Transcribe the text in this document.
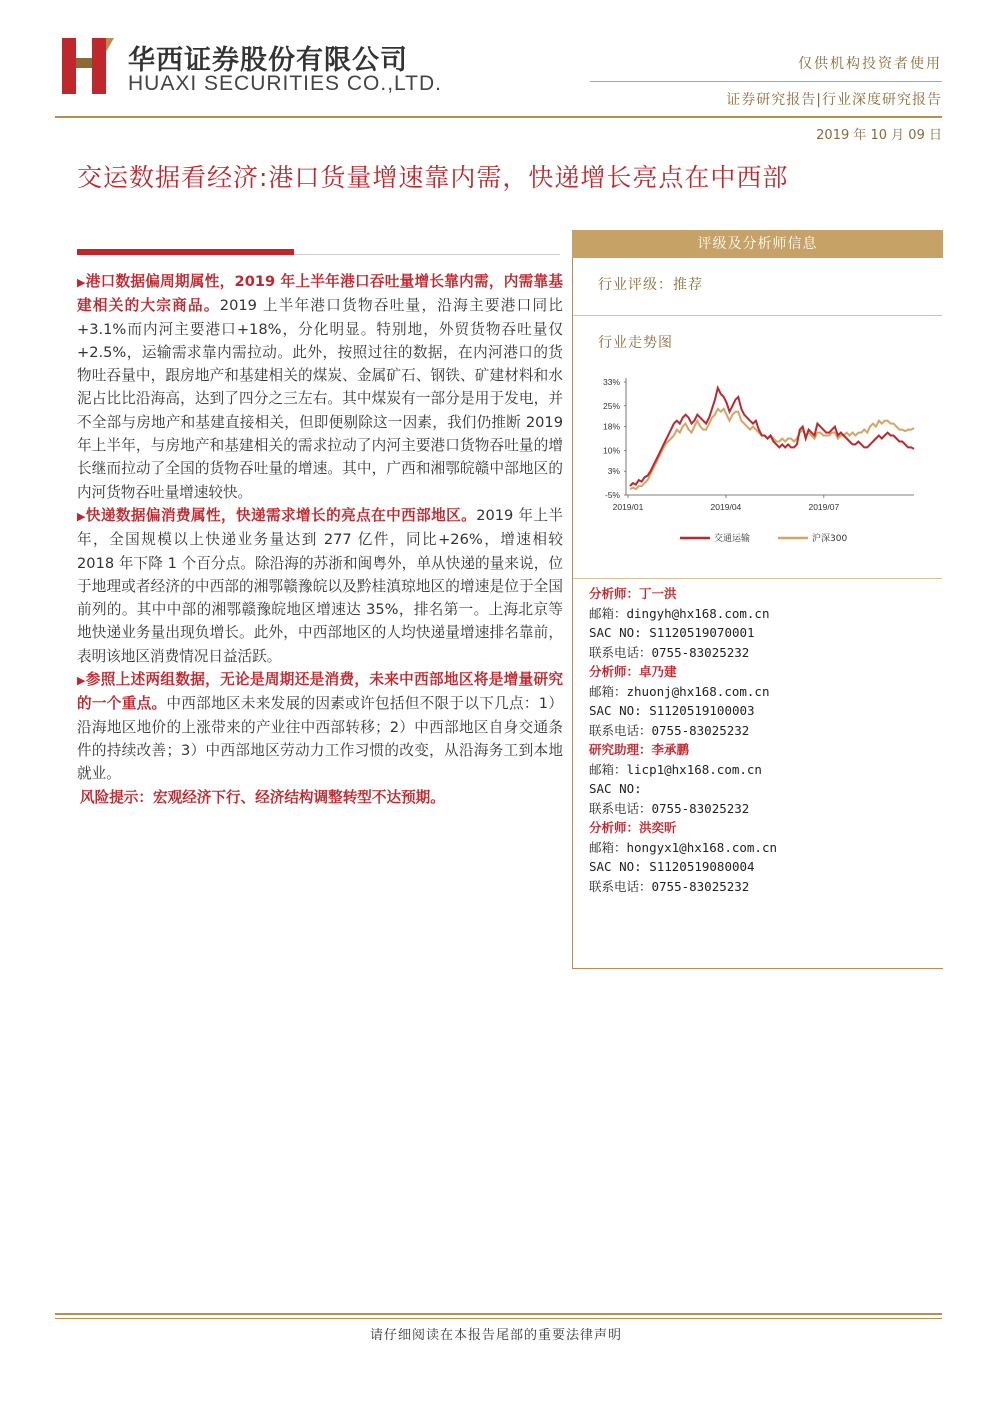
华西证券股份有限公司
HUAXI SECURITIES CO.,LTD.
仅供机构投资者使用
证券研究报告|行业深度研究报告
2019 年 10 月 09 日
交运数据看经济:港口货量增速靠内需，快递增长亮点在中西部

▶港口数据偏周期属性，2019 年上半年港口吞吐量增长靠内需，内需靠基建相关的大宗商品。2019 上半年港口货物吞吐量，沿海主要港口同比+3.1%而内河主要港口+18%，分化明显。特别地，外贸货物吞吐量仅+2.5%，运输需求靠内需拉动。此外，按照过往的数据，在内河港口的货物吐吞量中，跟房地产和基建相关的煤炭、金属矿石、钢铁、矿建材料和水泥占比比沿海高，达到了四分之三左右。其中煤炭有一部分是用于发电，并不全部与房地产和基建直接相关，但即便剔除这一因素，我们仍推断 2019 年上半年，与房地产和基建相关的需求拉动了内河主要港口货物吞吐量的增长继而拉动了全国的货物吞吐量的增速。其中，广西和湘鄂皖赣中部地区的内河货物吞吐量增速较快。

▶快递数据偏消费属性，快递需求增长的亮点在中西部地区。2019 年上半年，全国规模以上快递业务量达到 277 亿件，同比+26%，增速相较 2018 年下降 1 个百分点。除沿海的苏浙和闽粤外，单从快递的量来说，位于地理或者经济的中西部的湘鄂赣豫皖以及黔桂滇琼地区的增速是位于全国前列的。其中中部的湘鄂赣豫皖地区增速达 35%，排名第一。上海北京等地快递业务量出现负增长。此外，中西部地区的人均快递量增速排名靠前，表明该地区消费情况日益活跃。

▶参照上述两组数据，无论是周期还是消费，未来中西部地区将是增量研究的一个重点。中西部地区未来发展的因素或许包括但不限于以下几点：1）沿海地区地价的上涨带来的产业往中西部转移；2）中西部地区自身交通条件的持续改善；3）中西部地区劳动力工作习惯的改变，从沿海务工到本地就业。

风险提示：宏观经济下行、经济结构调整转型不达预期。

评级及分析师信息
行业评级：推荐
行业走势图
33%
25%
18%
10%
3%
-5%
2019/01	2019/04	2019/07
交通运输	沪深300
分析师：丁一洪
邮箱：dingyh@hx168.com.cn
SAC NO: S1120519070001
联系电话：0755-83025232
分析师：卓乃建
邮箱：zhuonj@hx168.com.cn
SAC NO: S1120519100003
联系电话：0755-83025232
研究助理：李承鹏
邮箱：licp1@hx168.com.cn
SAC NO:
联系电话：0755-83025232
分析师：洪奕昕
邮箱：hongyx1@hx168.com.cn
SAC NO: S1120519080004
联系电话：0755-83025232
请仔细阅读在本报告尾部的重要法律声明
